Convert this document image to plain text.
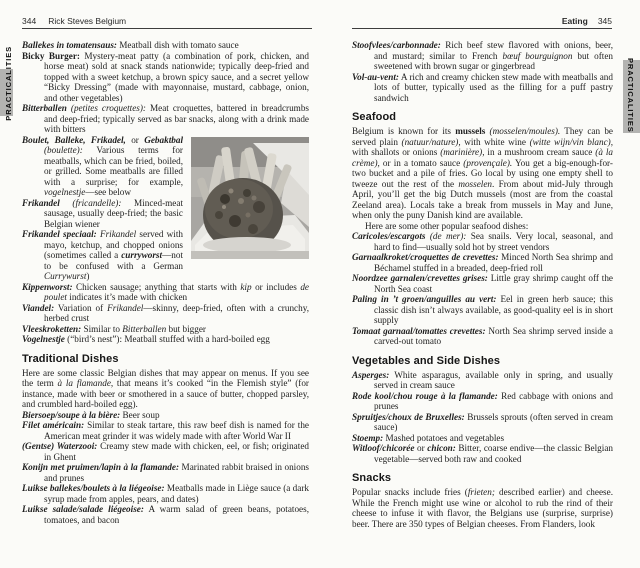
344 Rick Steves Belgium	Eating 345
PRACTICALITIES	PRACTICALITIES

Ballekes in tomatensaus: Meatball dish with tomato sauce

Bicky Burger: Mystery-meat patty (a combination of pork, chicken, and horse meat) sold at snack stands nationwide; typically deep-fried and topped with a sweet ketchup, a brown spicy sauce, and a secret yellow “Bicky Dressing” (made with mayonnaise, mustard, cabbage, onion, and other vegetables)

Bitterballen (petites croquettes): Meat croquettes, battered in breadcrumbs and deep-fried; typically served as bar snacks, along with a drink made with bitters

Boulet, Balleke, Frikadel, or Gebaktbal (boulette): Various terms for meatballs, which can be fried, boiled, or grilled. Some meatballs are filled with a surprise; for example, vogelnestje—see below

Frikandel (fricandelle): Minced-meat sausage, usually deep-fried; the basic Belgian wiener

Frikandel speciaal: Frikandel served with mayo, ketchup, and chopped onions (sometimes called a curryworst—not to be confused with a German Currywurst)

Kippenworst: Chicken sausage; anything that starts with kip or includes de poulet indicates it’s made with chicken

Viandel: Variation of Frikandel—skinny, deep-fried, often with a crunchy, herbed crust

Vleeskroketten: Similar to Bitterballen but bigger

Vogelnestje (“bird’s nest”): Meatball stuffed with a hard-boiled egg

Traditional Dishes

Here are some classic Belgian dishes that may appear on menus. If you see the term à la flamande, that means it’s cooked “in the Flemish style” (for instance, made with beer or smothered in a sauce of butter, chopped parsley, and crumbled hard-boiled egg).

Biersoep/soupe à la bière: Beer soup

Filet américain: Similar to steak tartare, this raw beef dish is named for the American meat grinder it was widely made with after World War II

(Gentse) Waterzooi: Creamy stew made with chicken, eel, or fish; originated in Ghent

Konijn met pruimen/lapin à la flamande: Marinated rabbit braised in onions and prunes

Luikse ballekes/boulets à la liégeoise: Meatballs made in Liège sauce (a dark syrup made from apples, pears, and dates)

Luikse salade/salade liégeoise: A warm salad of green beans, potatoes, tomatoes, and bacon

Stoofvlees/carbonnade: Rich beef stew flavored with onions, beer, and mustard; similar to French bœuf bourguignon but often sweetened with brown sugar or gingerbread

Vol-au-vent: A rich and creamy chicken stew made with meatballs and lots of butter, typically used as the filling for a puff pastry sandwich

Seafood

Belgium is known for its mussels (mosselen/moules). They can be served plain (natuur/nature), with white wine (witte wijn/vin blanc), with shallots or onions (marinière), in a mushroom cream sauce (à la crème), or in a tomato sauce (provençale). You get a big-enough-for-two bucket and a pile of fries. Go local by using one empty shell to tweeze out the rest of the mosselen. From about mid-July through April, you’ll get the big Dutch mussels (most are from the coastal Zeeland area). Locals take a break from mussels in May and June, when only the puny Danish kind are available.

Here are some other popular seafood dishes:

Caricoles/escargots (de mer): Sea snails. Very local, seasonal, and hard to find—usually sold hot by street vendors

Garnaalkroket/croquettes de crevettes: Minced North Sea shrimp and Béchamel stuffed in a breaded, deep-fried roll

Noordzee garnalen/crevettes grises: Little gray shrimp caught off the North Sea coast

Paling in ’t groen/anguilles au vert: Eel in green herb sauce; this classic dish isn’t always available, as good-quality eel is in short supply

Tomaat garnaal/tomattes crevettes: North Sea shrimp served inside a carved-out tomato

Vegetables and Side Dishes

Asperges: White asparagus, available only in spring, and usually served in cream sauce

Rode kool/chou rouge à la flamande: Red cabbage with onions and prunes

Spruitjes/choux de Bruxelles: Brussels sprouts (often served in cream sauce)

Stoemp: Mashed potatoes and vegetables

Witloof/chicorée or chicon: Bitter, coarse endive—the classic Belgian vegetable—served both raw and cooked

Snacks

Popular snacks include fries (frieten; described earlier) and cheese. While the French might use wine or alcohol to rub the rind of their cheese to infuse it with flavor, the Belgians use (surprise, surprise) beer. There are 350 types of Belgian cheeses. From Flanders, look
